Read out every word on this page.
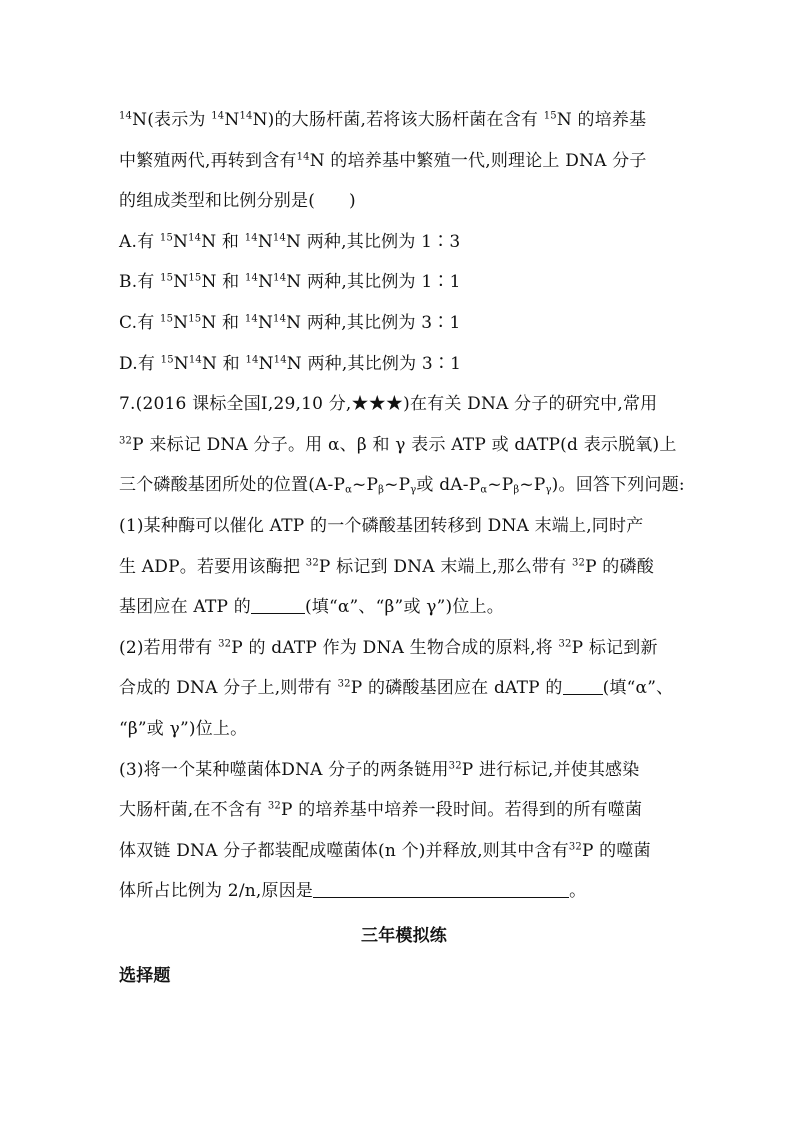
$^{14}$N(表示为 $^{14}N^{14}N$)的大肠杆菌,若将该大肠杆菌在含有 $^{15}$N 的培养基
中繁殖两代,再转到含有$^{14}$N 的培养基中繁殖一代,则理论上 DNA 分子
的组成类型和比例分别是( )
A.有 $^{15}N^{14}N$ 和 $^{14}N^{14}N$ 两种,其比例为 1∶3
B.有 $^{15}N^{15}N$ 和 $^{14}N^{14}N$ 两种,其比例为 1∶1
C.有 $^{15}N^{15}N$ 和 $^{14}N^{14}N$ 两种,其比例为 3∶1
D.有 $^{15}N^{14}N$ 和 $^{14}N^{14}N$ 两种,其比例为 3∶1
7.(2016 课标全国Ⅰ,29,10 分,★★★)在有关 DNA 分子的研究中,常用
$^{32}$P 来标记 DNA 分子。用 α、β 和 γ 表示 ATP 或 dATP(d 表示脱氧)上
三个磷酸基团所处的位置($A-P_\alpha\sim P_\beta\sim P_\gamma$或 $dA-P_\alpha\sim P_\beta\sim P_\gamma$)。回答下列问题:
(1)某种酶可以催化 ATP 的一个磷酸基团转移到 DNA 末端上,同时产
生 ADP。若要用该酶把 $^{32}$P 标记到 DNA 末端上,那么带有 $^{32}$P 的磷酸
基团应在 ATP 的	(填“α”、“β”或 γ”)位上。
(2)若用带有 $^{32}$P 的 dATP 作为 DNA 生物合成的原料,将 $^{32}$P 标记到新
合成的 DNA 分子上,则带有 $^{32}$P 的磷酸基团应在 dATP 的 (填“α”、
“β”或 γ”)位上。
(3)将一个某种噬菌体DNA 分子的两条链用$^{32}$P 进行标记,并使其感染
大肠杆菌,在不含有 $^{32}$P 的培养基中培养一段时间。若得到的所有噬菌
体双链 DNA 分子都装配成噬菌体(n 个)并释放,则其中含有$^{32}$P 的噬菌
体所占比例为 2/n,原因是	。
三年模拟练
选择题
